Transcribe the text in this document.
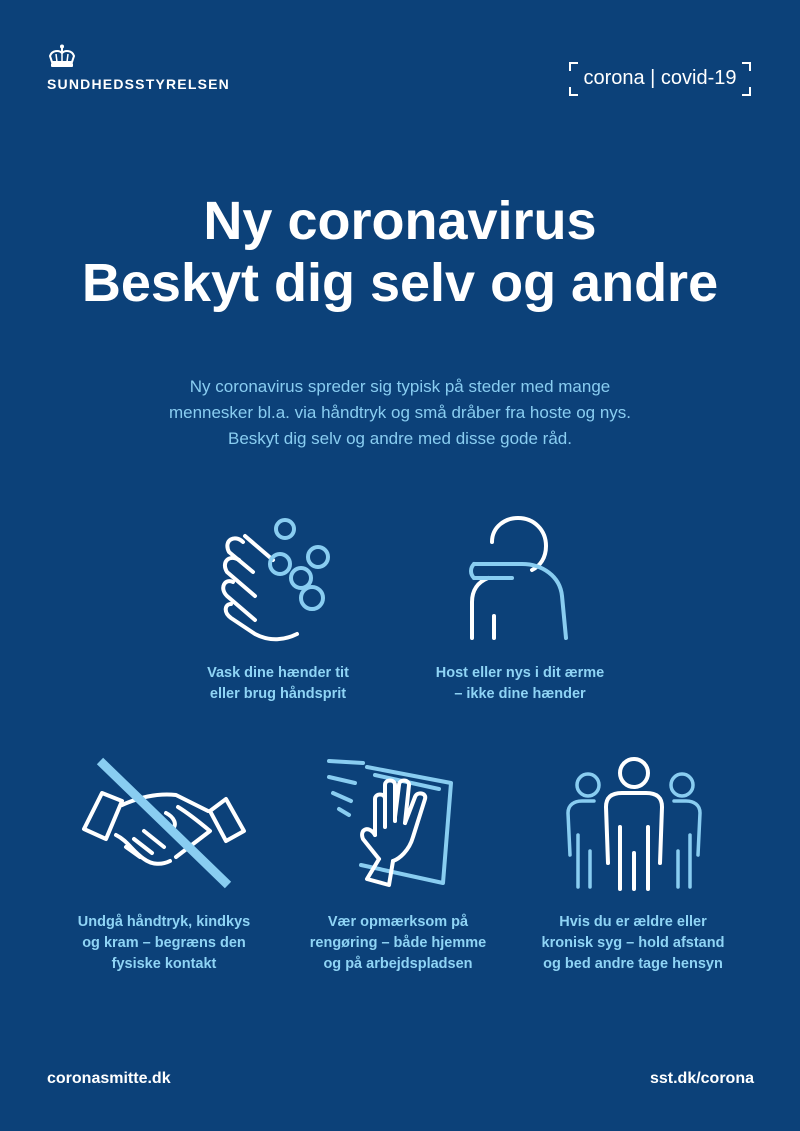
SUNDHEDSSTYRELSEN	corona | covid-19
Ny coronavirus
Beskyt dig selv og andre
Ny coronavirus spreder sig typisk på steder med mange
mennesker bl.a. via håndtryk og små dråber fra hoste og nys.
Beskyt dig selv og andre med disse gode råd.
Vask dine hænder tit
eller brug håndsprit
Host eller nys i dit ærme
– ikke dine hænder
Undgå håndtryk, kindkys
og kram – begræns den
fysiske kontakt
Vær opmærksom på
rengøring – både hjemme
og på arbejdspladsen
Hvis du er ældre eller
kronisk syg – hold afstand
og bed andre tage hensyn
coronasmitte.dk	sst.dk/corona
